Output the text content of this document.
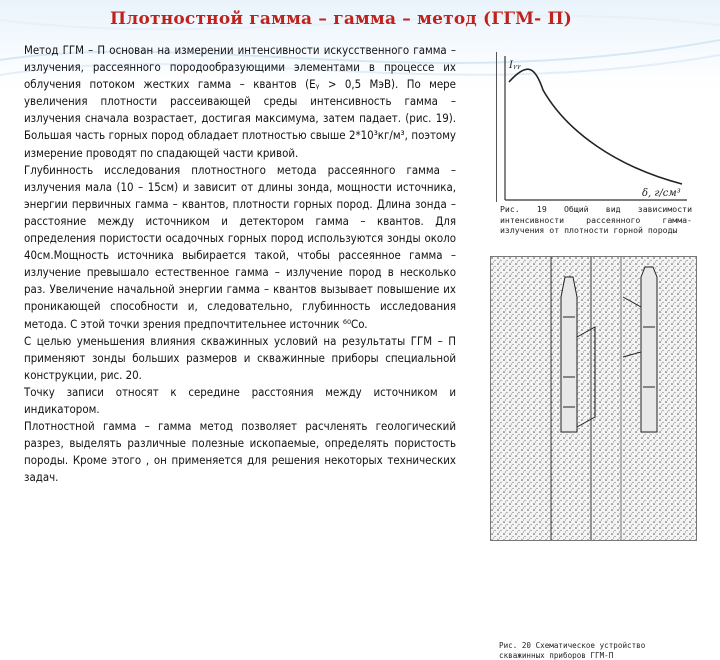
Плотностной гамма – гамма – метод (ГГМ- П)

Метод ГГМ – П основан на измерении интенсивности искусственного гамма – излучения, рассеянного породообразующими элементами в процессе их облучения потоком жестких гамма – квантов (Eᵧ > 0,5 МэВ). По мере увеличения плотности рассеивающей среды интенсивность гамма – излучения сначала возрастает, достигая максимума, затем падает. (рис. 19). Большая часть горных пород обладает плотностью свыше 2*10³кг/м³, поэтому измерение проводят по спадающей части кривой.

Глубинность исследования плотностного метода рассеянного гамма – излучения мала (10 – 15см) и зависит от длины зонда, мощности источника, энергии первичных гамма – квантов, плотности горных пород. Длина зонда – расстояние между источником и детектором гамма – квантов. Для определения пористости осадочных горных пород используются зонды около 40см.Мощность источника выбирается такой, чтобы рассеянное гамма – излучение превышало естественное гамма – излучение пород в несколько раз. Увеличение начальной энергии гамма – квантов вызывает повышение их проникающей способности и, следовательно, глубинность исследования метода. С этой точки зрения предпочтительнее источник ⁶⁰Co.

С целью уменьшения влияния скважинных условий на результаты ГГМ – П применяют зонды больших размеров и скважинные приборы специальной конструкции, рис. 20.

Точку записи относят к середине расстояния между источником и индикатором.

Плотностной гамма – гамма метод позволяет расчленять геологический разрез, выделять различные полезные ископаемые, определять пористость породы. Кроме этого , он применяется для решения некоторых технических задач.

Iᵧᵧ
δ, г/см³
Рис. 19 Общий вид зависимости интенсивности рассеянного гамма-излучения от плотности горной породы
Рис. 20 Схематическое устройство скважинных приборов ГГМ-П
